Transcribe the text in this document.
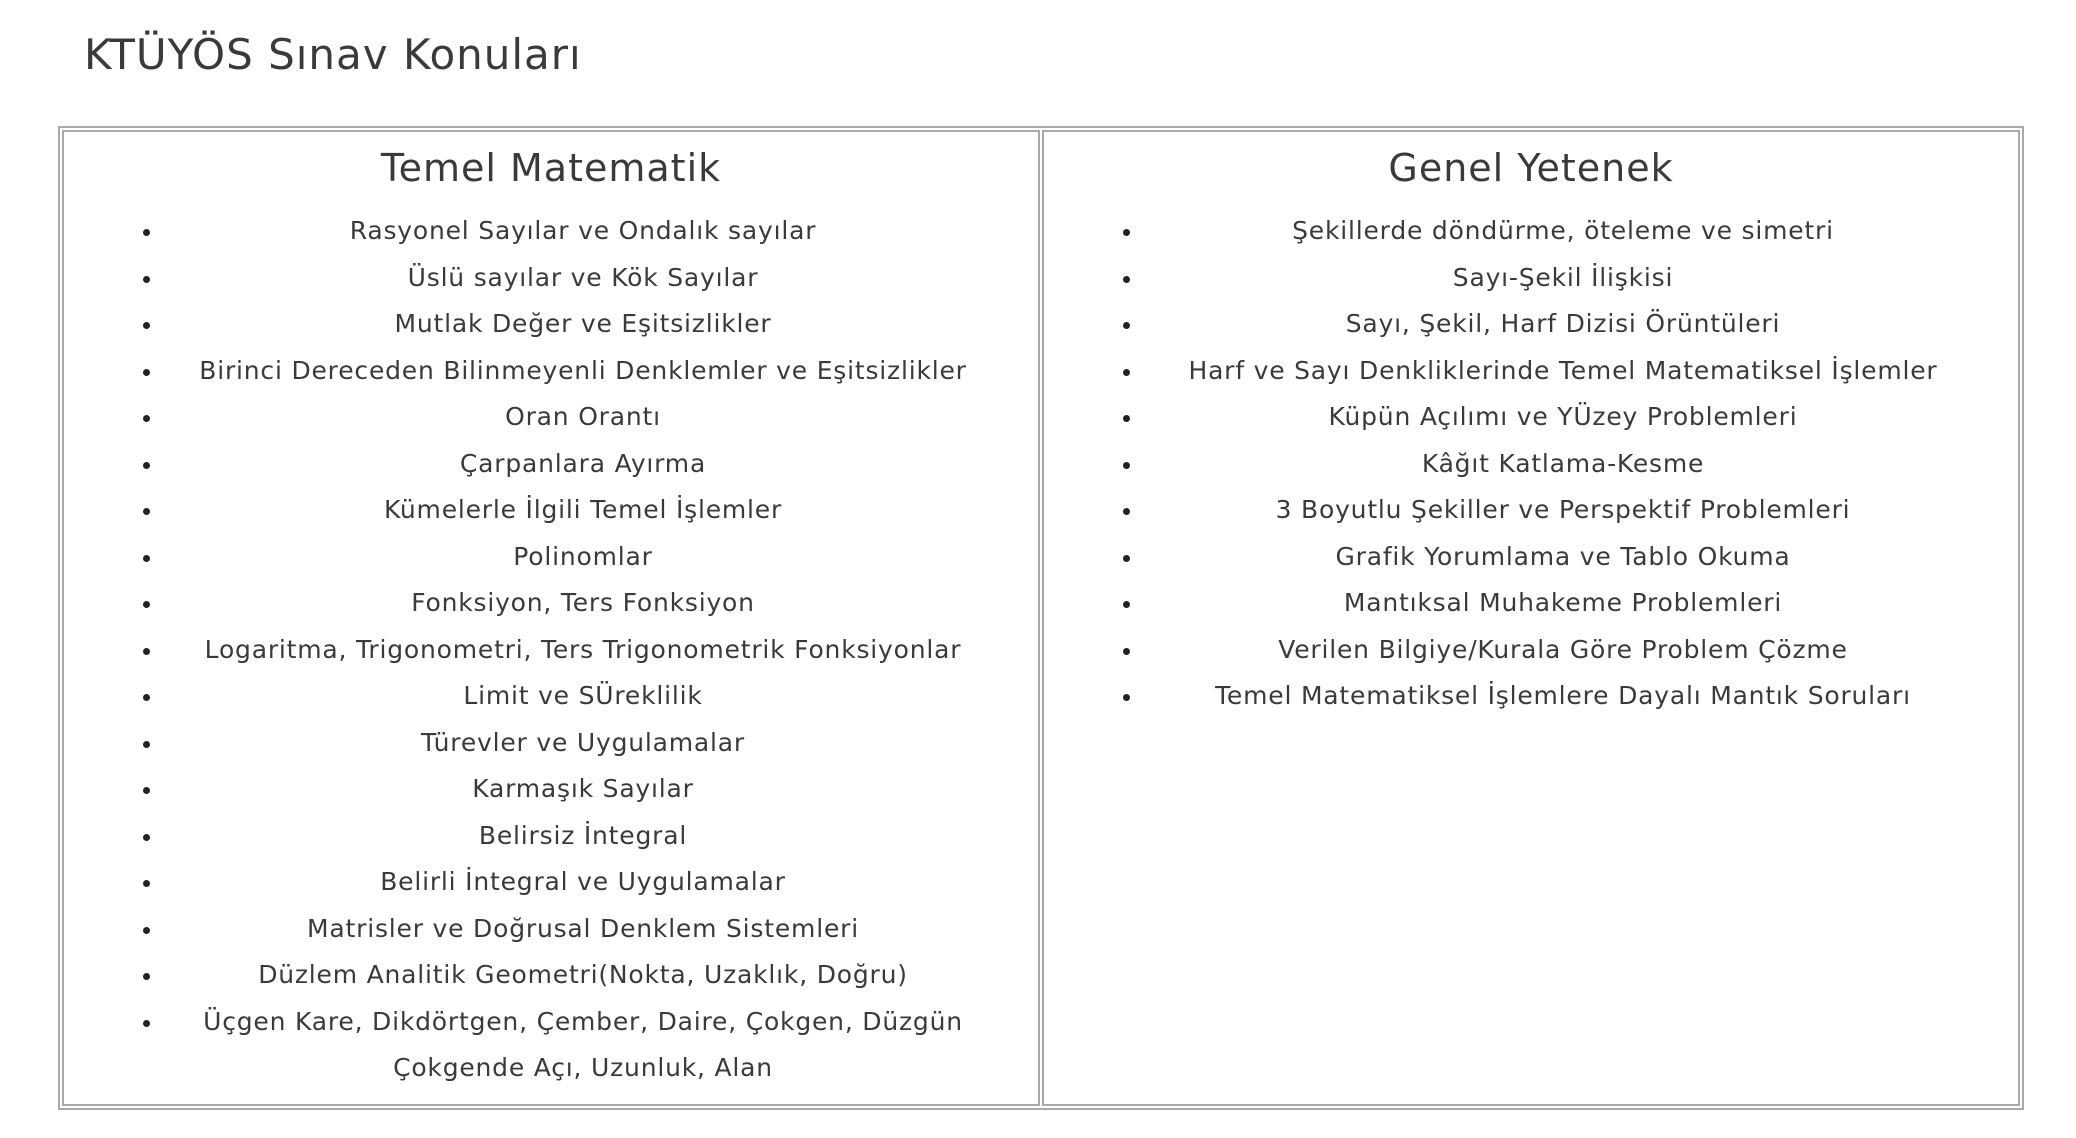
KTÜYÖS Sınav Konuları
Temel Matematik
• Rasyonel Sayılar ve Ondalık sayılar
• Üslü sayılar ve Kök Sayılar
• Mutlak Değer ve Eşitsizlikler
• Birinci Dereceden Bilinmeyenli Denklemler ve Eşitsizlikler
• Oran Orantı
• Çarpanlara Ayırma
• Kümelerle İlgili Temel İşlemler
• Polinomlar
• Fonksiyon, Ters Fonksiyon
• Logaritma, Trigonometri, Ters Trigonometrik Fonksiyonlar
• Limit ve SÜreklilik
• Türevler ve Uygulamalar
• Karmaşık Sayılar
• Belirsiz İntegral
• Belirli İntegral ve Uygulamalar
• Matrisler ve Doğrusal Denklem Sistemleri
• Düzlem Analitik Geometri(Nokta, Uzaklık, Doğru)
• Üçgen Kare, Dikdörtgen, Çember, Daire, Çokgen, Düzgün Çokgende Açı, Uzunluk, Alan

Genel Yetenek
• Şekillerde döndürme, öteleme ve simetri
• Sayı-Şekil İlişkisi
• Sayı, Şekil, Harf Dizisi Örüntüleri
• Harf ve Sayı Denkliklerinde Temel Matematiksel İşlemler
• Küpün Açılımı ve YÜzey Problemleri
• Kâğıt Katlama-Kesme
• 3 Boyutlu Şekiller ve Perspektif Problemleri
• Grafik Yorumlama ve Tablo Okuma
• Mantıksal Muhakeme Problemleri
• Verilen Bilgiye/Kurala Göre Problem Çözme
• Temel Matematiksel İşlemlere Dayalı Mantık Soruları
